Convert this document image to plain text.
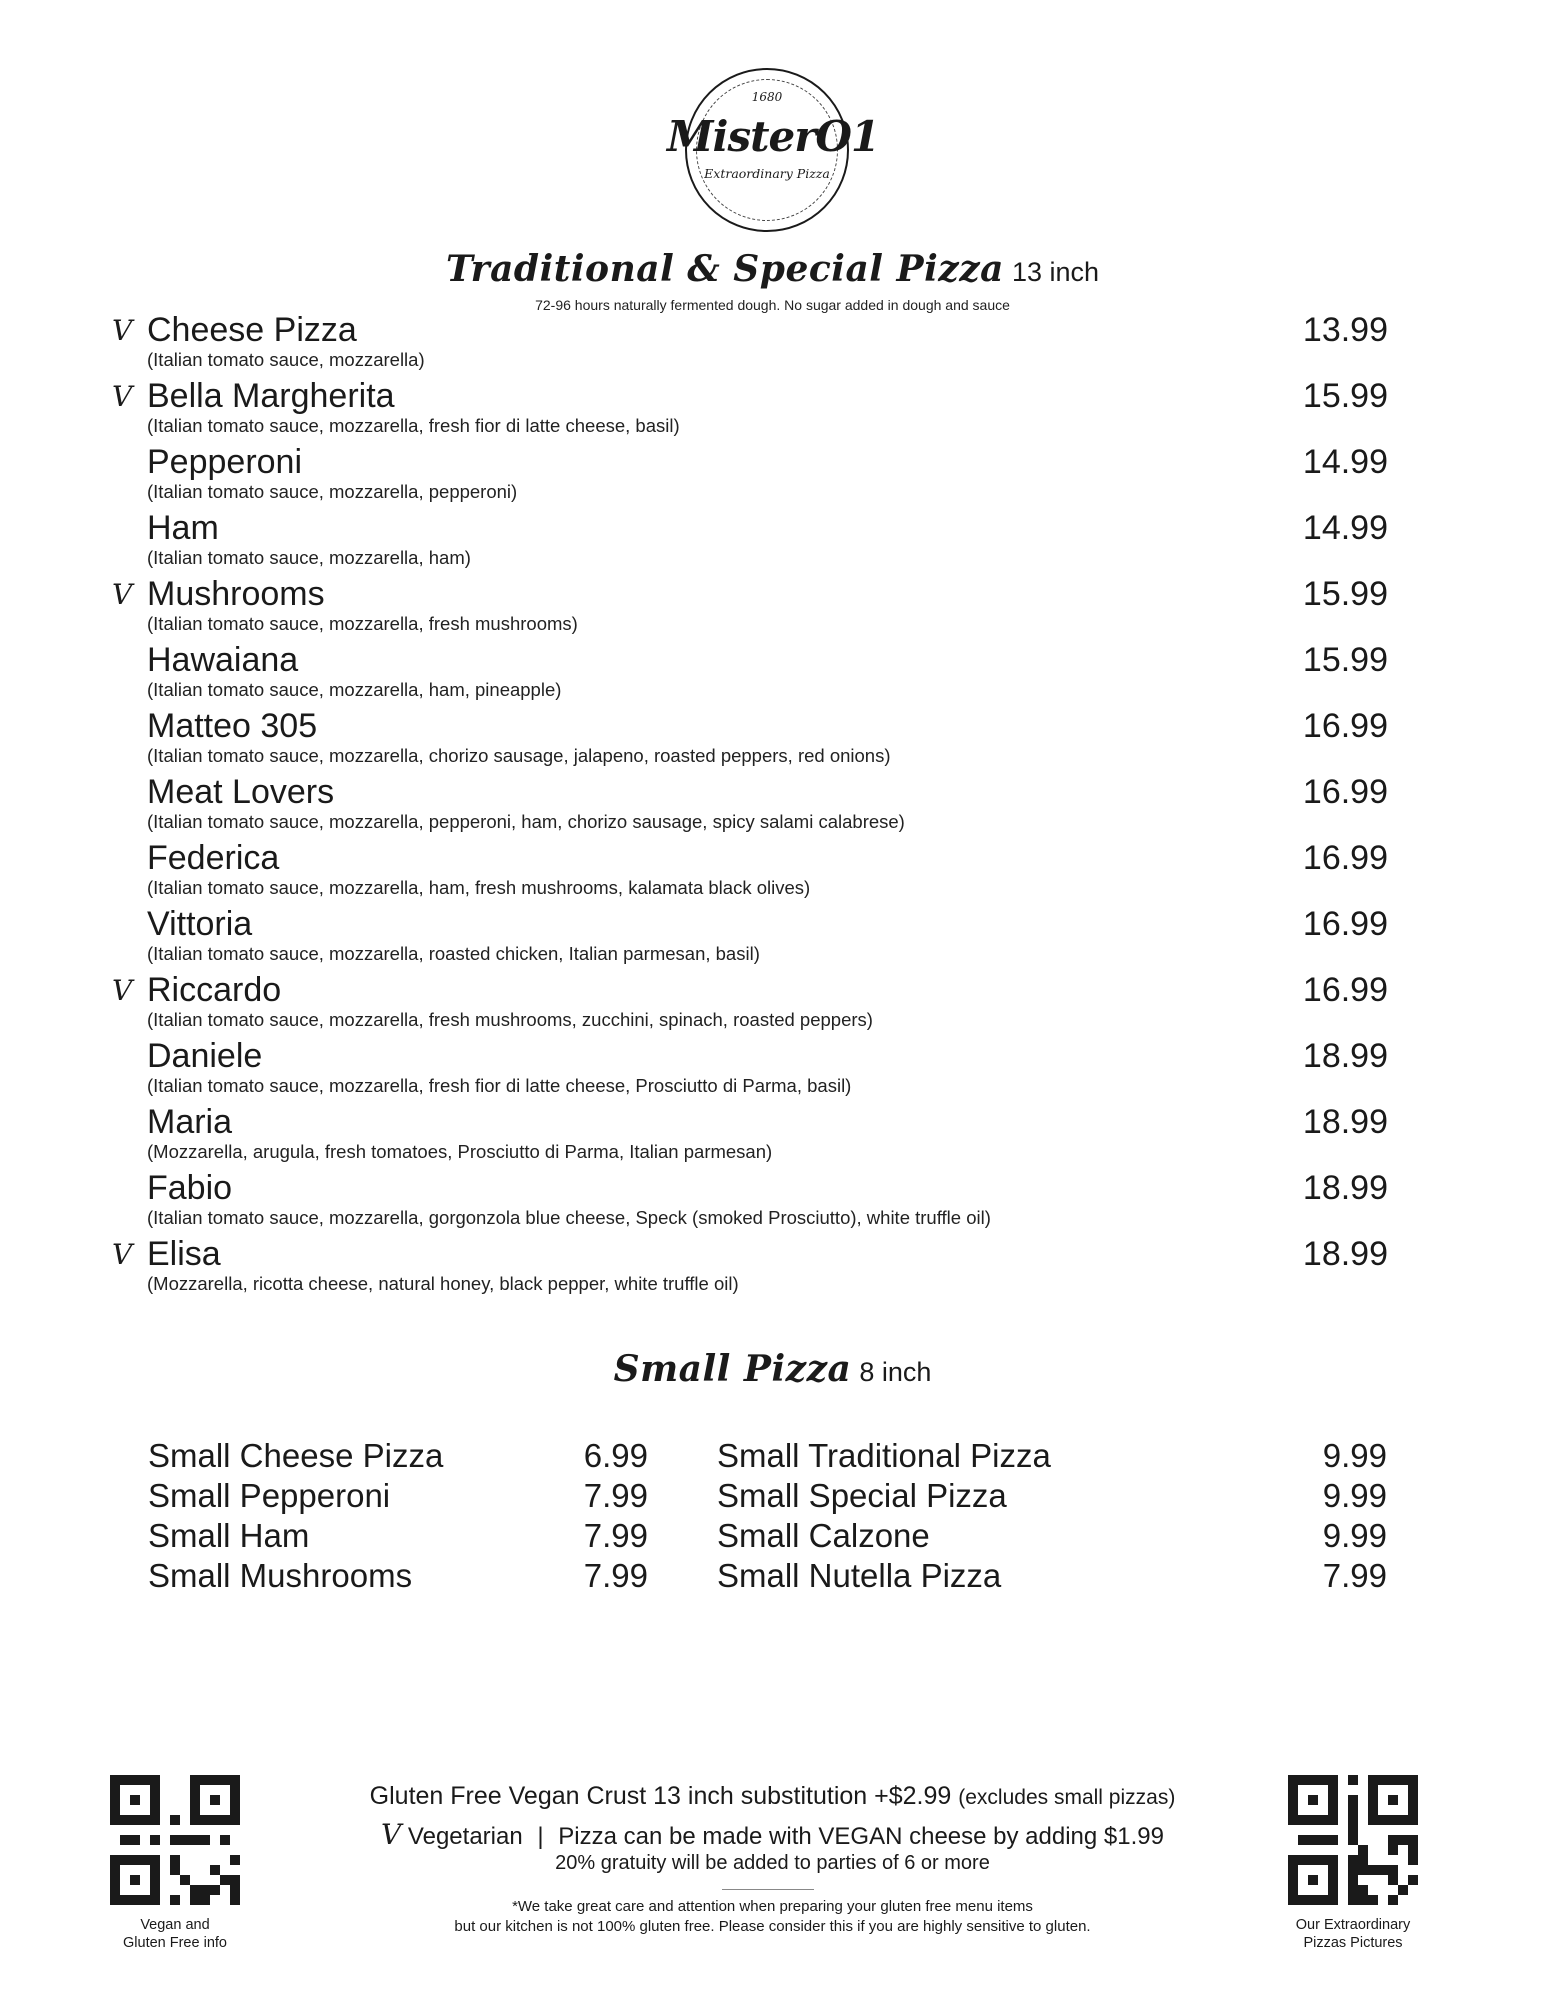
1680
MisterO1
Extraordinary Pizza
Traditional & Special Pizza 13 inch
72-96 hours naturally fermented dough. No sugar added in dough and sauce
V Cheese Pizza
(Italian tomato sauce, mozzarella)
13.99
V Bella Margherita
(Italian tomato sauce, mozzarella, fresh fior di latte cheese, basil)
15.99
Pepperoni
(Italian tomato sauce, mozzarella, pepperoni)
14.99
Ham
(Italian tomato sauce, mozzarella, ham)
14.99
V Mushrooms
(Italian tomato sauce, mozzarella, fresh mushrooms)
15.99
Hawaiana
(Italian tomato sauce, mozzarella, ham, pineapple)
15.99
Matteo 305
(Italian tomato sauce, mozzarella, chorizo sausage, jalapeno, roasted peppers, red onions)
16.99
Meat Lovers
(Italian tomato sauce, mozzarella, pepperoni, ham, chorizo sausage, spicy salami calabrese)
16.99
Federica
(Italian tomato sauce, mozzarella, ham, fresh mushrooms, kalamata black olives)
16.99
Vittoria
(Italian tomato sauce, mozzarella, roasted chicken, Italian parmesan, basil)
16.99
V Riccardo
(Italian tomato sauce, mozzarella, fresh mushrooms, zucchini, spinach, roasted peppers)
16.99
Daniele
(Italian tomato sauce, mozzarella, fresh fior di latte cheese, Prosciutto di Parma, basil)
18.99
Maria
(Mozzarella, arugula, fresh tomatoes, Prosciutto di Parma, Italian parmesan)
18.99
Fabio
(Italian tomato sauce, mozzarella, gorgonzola blue cheese, Speck (smoked Prosciutto), white truffle oil)
18.99
V Elisa
(Mozzarella, ricotta cheese, natural honey, black pepper, white truffle oil)
18.99
Small Pizza 8 inch
Small Cheese Pizza	6.99
Small Pepperoni	7.99
Small Ham	7.99
Small Mushrooms	7.99
Small Traditional Pizza	9.99
Small Special Pizza	9.99
Small Calzone	9.99
Small Nutella Pizza	7.99
Vegan and
Gluten Free info
Our Extraordinary
Pizzas Pictures
Gluten Free Vegan Crust 13 inch substitution +$2.99 (excludes small pizzas)
V Vegetarian | Pizza can be made with VEGAN cheese by adding $1.99
20% gratuity will be added to parties of 6 or more
*We take great care and attention when preparing your gluten free menu items
but our kitchen is not 100% gluten free. Please consider this if you are highly sensitive to gluten.
